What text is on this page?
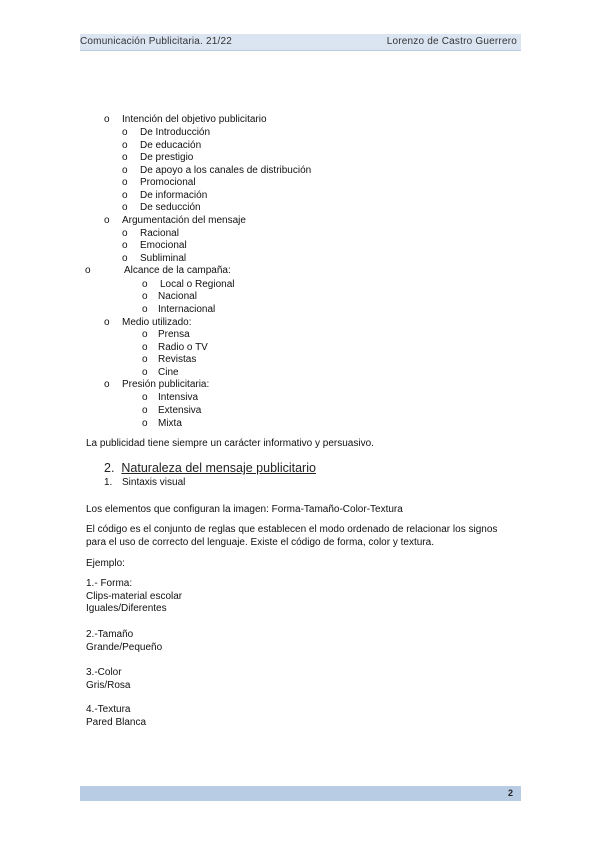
Comunicación Publicitaria. 21/22	Lorenzo de Castro Guerrero
o Intención del objetivo publicitario
o De Introducción
o De educación
o De prestigio
o De apoyo a los canales de distribución
o Promocional
o De información
o De seducción
o Argumentación del mensaje
o Racional
o Emocional
o Subliminal
o	Alcance de la campaña:
o Local o Regional
o Nacional
o Internacional
o Medio utilizado:
o Prensa
o Radio o TV
o Revistas
o Cine
o Presión publicitaria:
o Intensiva
o Extensiva
o Mixta
La publicidad tiene siempre un carácter informativo y persuasivo.
2. Naturaleza del mensaje publicitario
1. Sintaxis visual
Los elementos que configuran la imagen: Forma-Tamaño-Color-Textura
El código es el conjunto de reglas que establecen el modo ordenado de relacionar los signos
para el uso de correcto del lenguaje. Existe el código de forma, color y textura.
Ejemplo:
1.- Forma:
Clips-material escolar
Iguales/Diferentes
2.-Tamaño
Grande/Pequeño
3.-Color
Gris/Rosa
4.-Textura
Pared Blanca
2
